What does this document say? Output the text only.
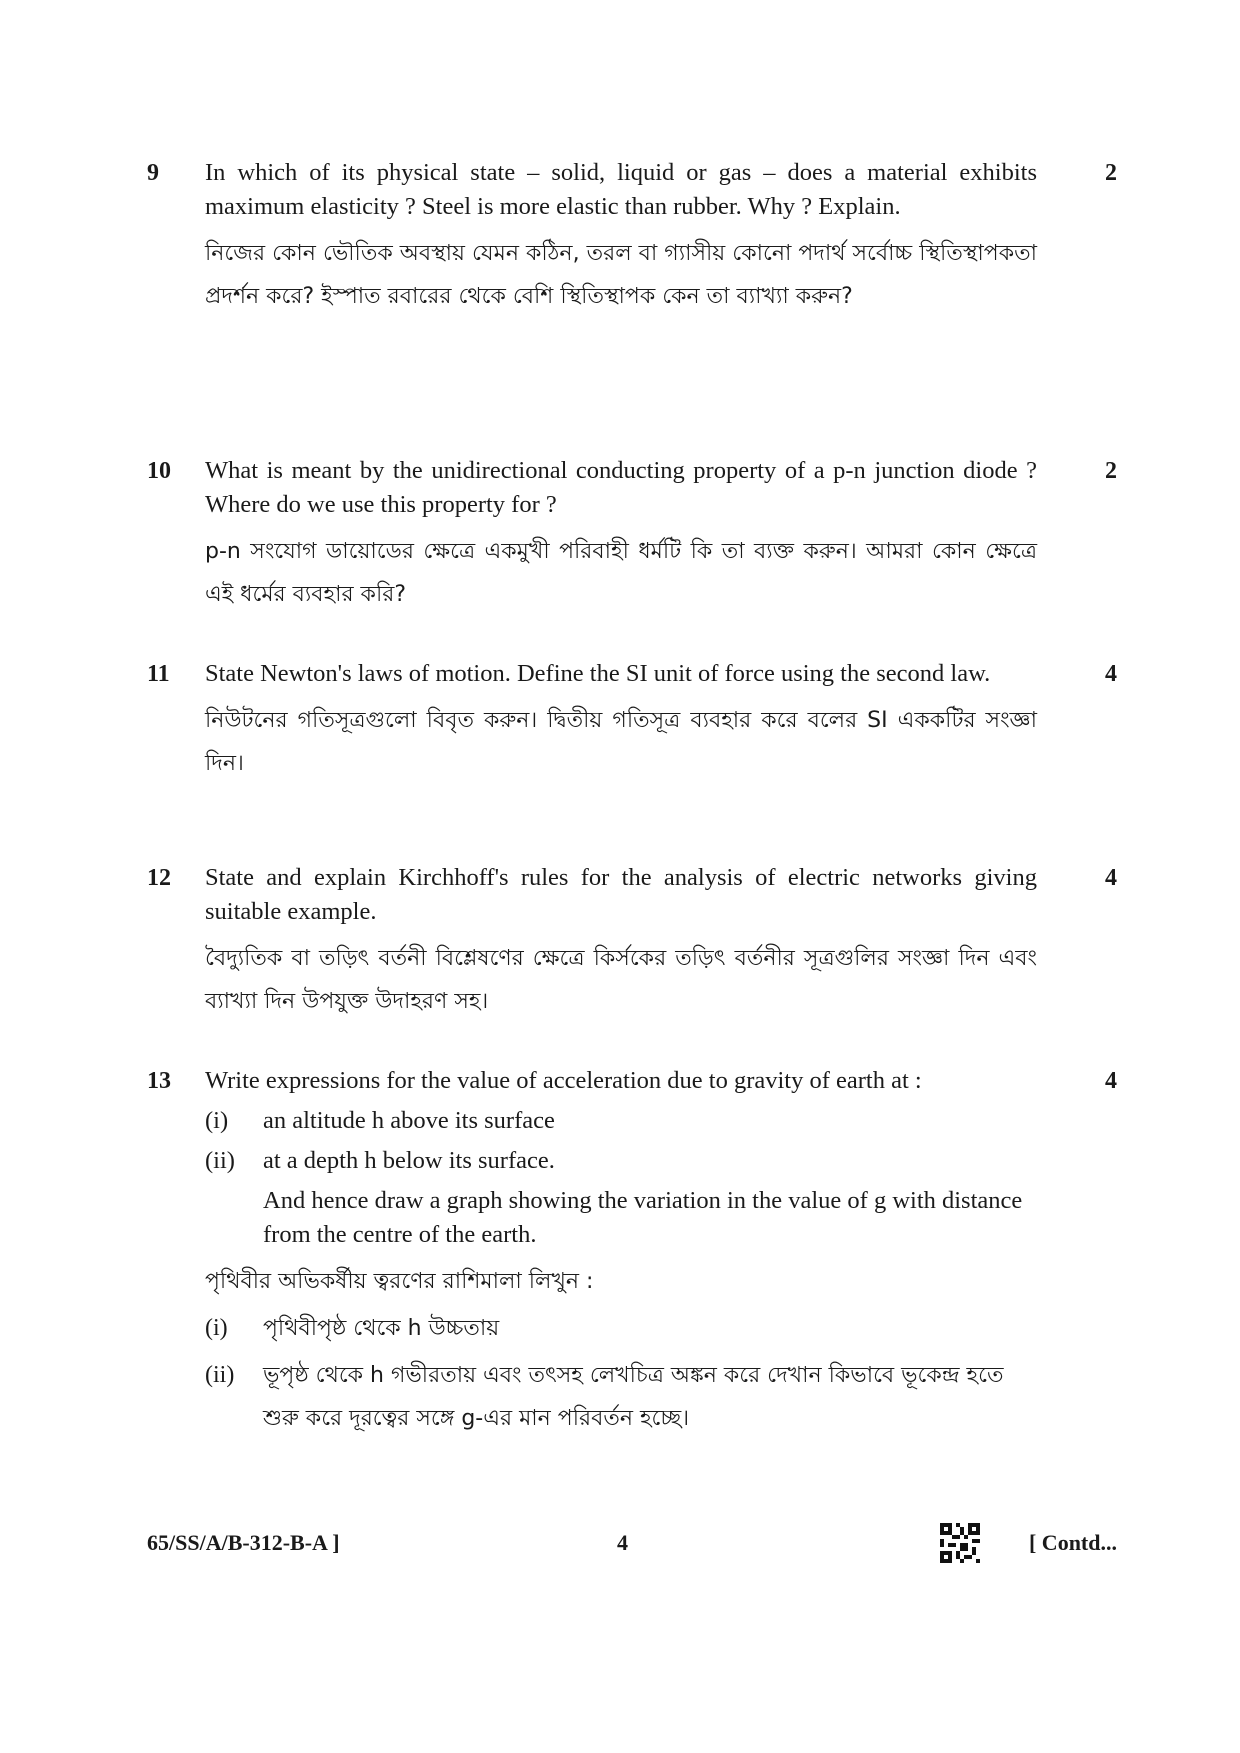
9	2
In which of its physical state – solid, liquid or gas – does a material exhibits maximum elasticity ? Steel is more elastic than rubber. Why ? Explain.
নিজের কোন ভৌতিক অবস্থায় যেমন কঠিন, তরল বা গ্যাসীয় কোনো পদার্থ সর্বোচ্চ স্থিতিস্থাপকতা প্রদর্শন করে? ইস্পাত রবারের থেকে বেশি স্থিতিস্থাপক কেন তা ব্যাখ্যা করুন?
10	2
What is meant by the unidirectional conducting property of a p-n junction diode ? Where do we use this property for ?
p-n সংযোগ ডায়োডের ক্ষেত্রে একমুখী পরিবাহী ধর্মটি কি তা ব্যক্ত করুন। আমরা কোন ক্ষেত্রে এই ধর্মের ব্যবহার করি?
11	4
State Newton's laws of motion. Define the SI unit of force using the second law.
নিউটনের গতিসূত্রগুলো বিবৃত করুন। দ্বিতীয় গতিসূত্র ব্যবহার করে বলের SI এককটির সংজ্ঞা দিন।
12	4
State and explain Kirchhoff's rules for the analysis of electric networks giving suitable example.
বৈদ্যুতিক বা তড়িৎ বর্তনী বিশ্লেষণের ক্ষেত্রে কির্সকের তড়িৎ বর্তনীর সূত্রগুলির সংজ্ঞা দিন এবং ব্যাখ্যা দিন উপযুক্ত উদাহরণ সহ।
13	4
Write expressions for the value of acceleration due to gravity of earth at :
(i)	an altitude h above its surface
(ii)	at a depth h below its surface.
And hence draw a graph showing the variation in the value of g with distance from the centre of the earth.
পৃথিবীর অভিকর্ষীয় ত্বরণের রাশিমালা লিখুন :
(i)	পৃথিবীপৃষ্ঠ থেকে h উচ্চতায়
(ii)	ভূপৃষ্ঠ থেকে h গভীরতায় এবং তৎসহ লেখচিত্র অঙ্কন করে দেখান কিভাবে ভূকেন্দ্র হতে শুরু করে দূরত্বের সঙ্গে g-এর মান পরিবর্তন হচ্ছে।
65/SS/A/B-312-B-A ]	4	[ Contd...
